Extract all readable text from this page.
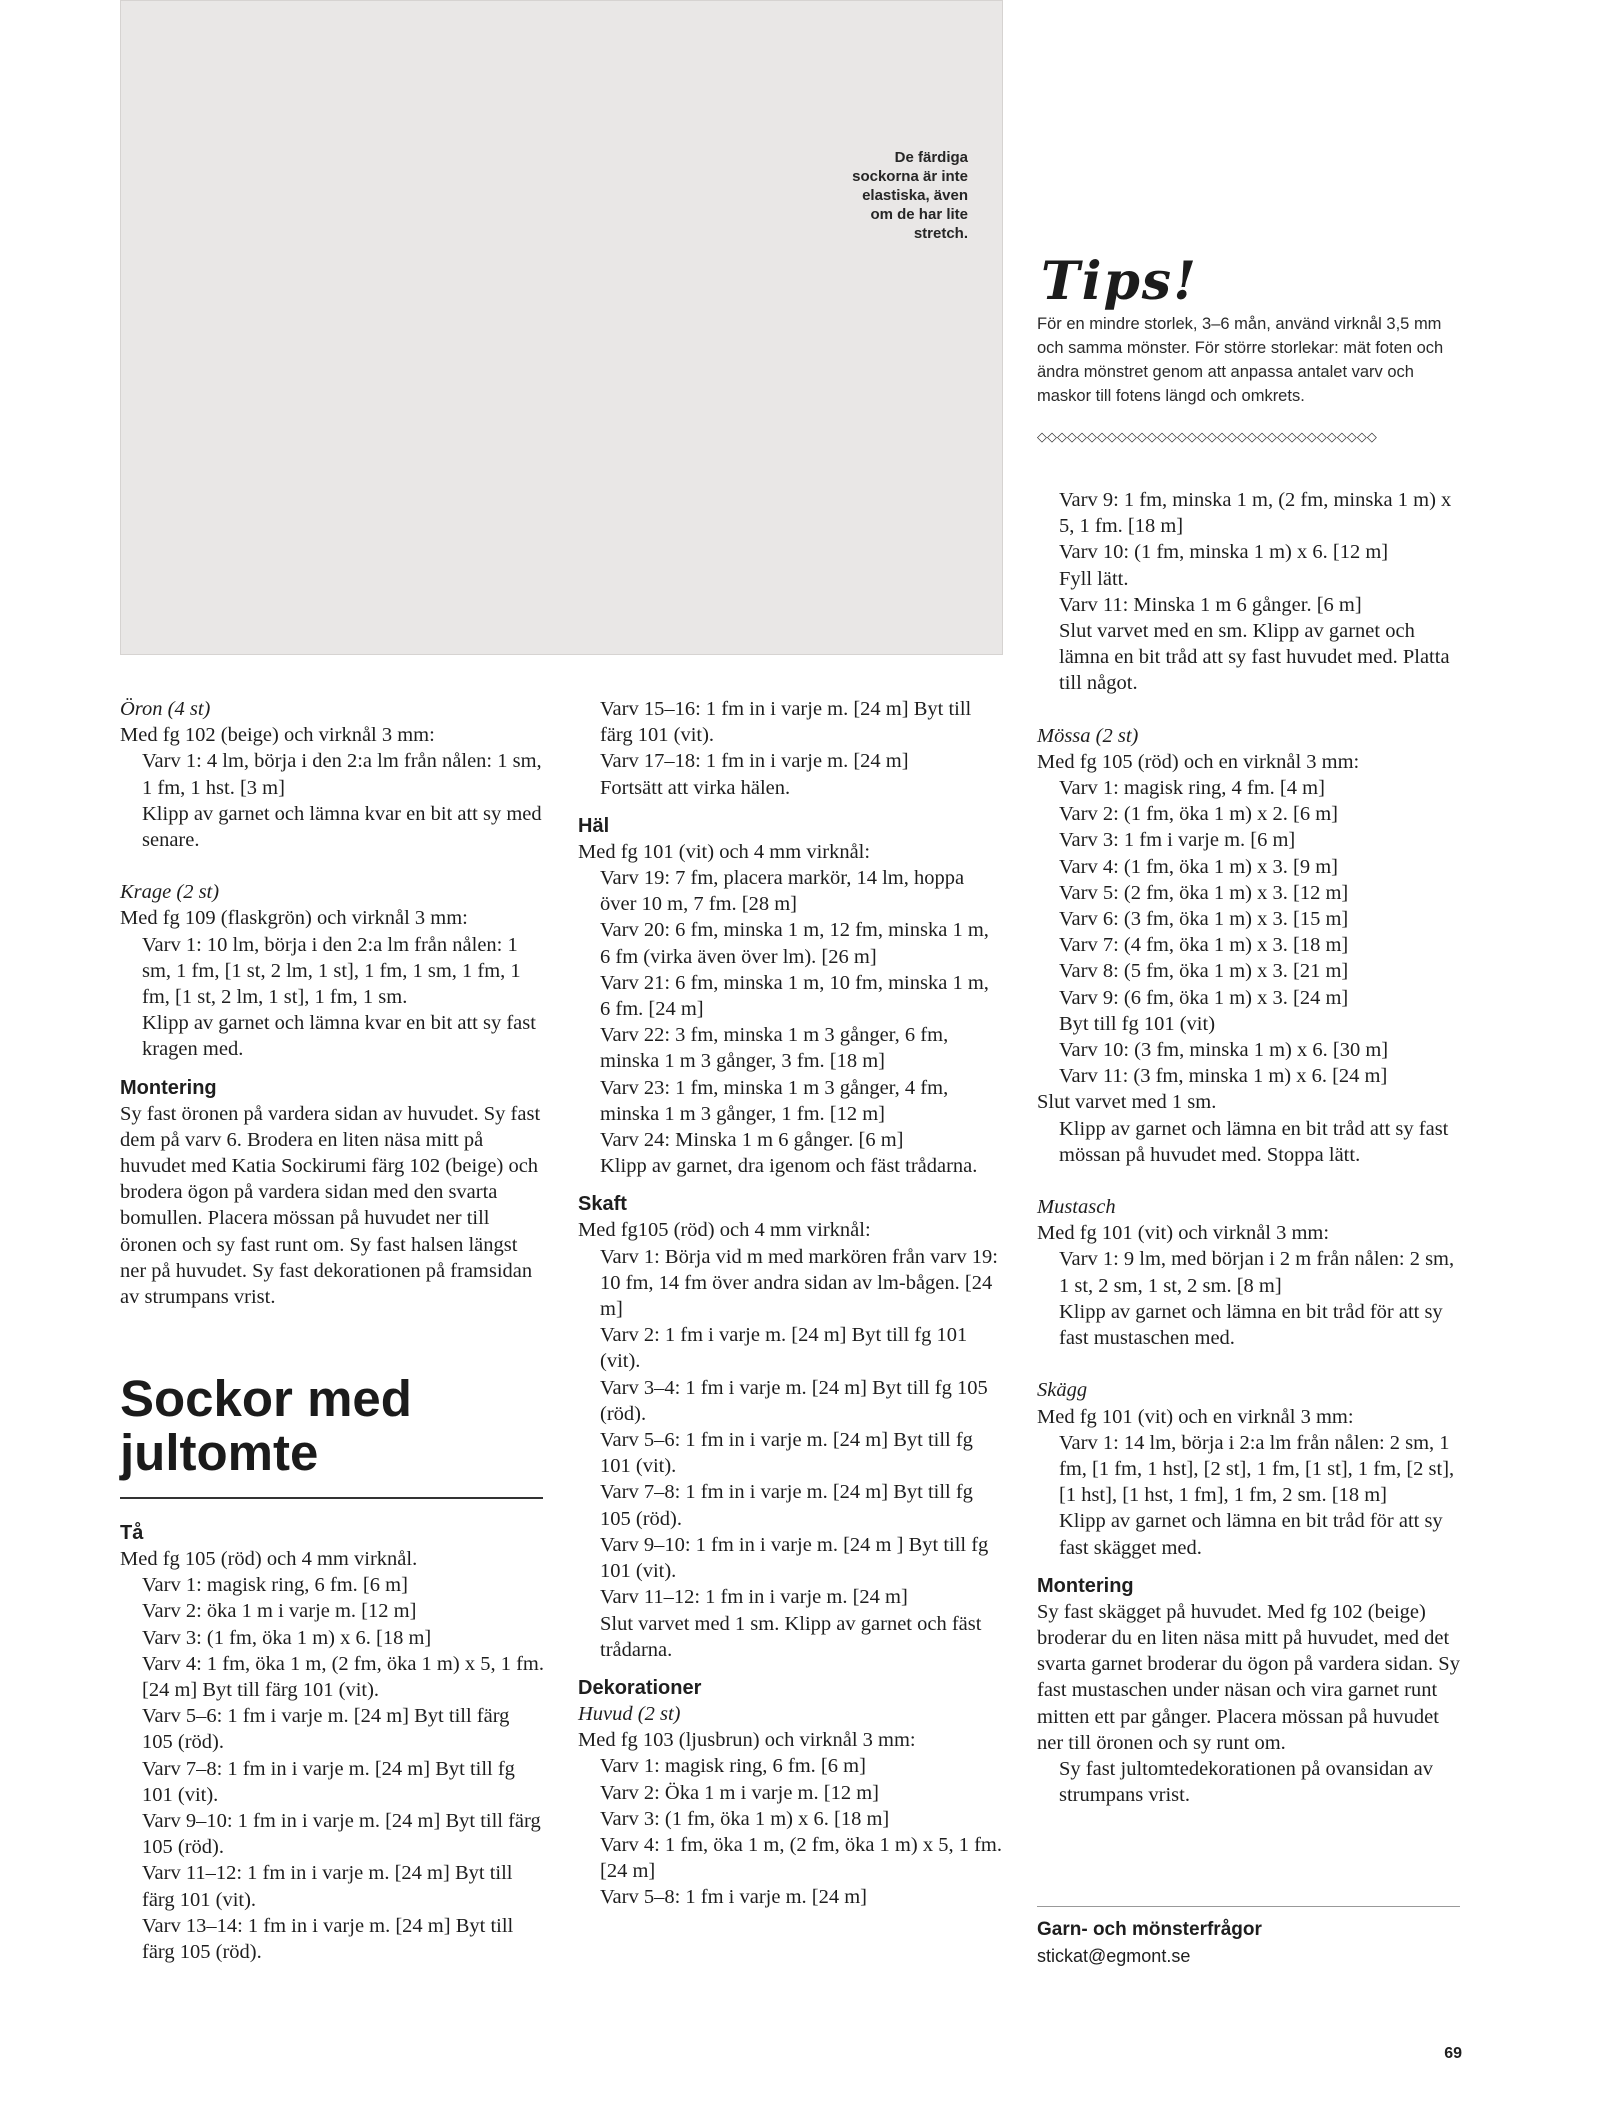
De färdiga sockorna är inte elastiska, även om de har lite stretch.
Tips!

För en mindre storlek, 3–6 mån, använd virknål 3,5 mm och samma mönster. För större storlekar: mät foten och ändra mönstret genom att anpassa antalet varv och maskor till fotens längd och omkrets.

◇◇◇◇◇◇◇◇◇◇◇◇◇◇◇◇◇◇◇◇◇◇◇◇◇◇◇◇◇◇◇◇◇◇

Öron (4 st)

Med fg 102 (beige) och virknål 3 mm:

Varv 1: 4 lm, börja i den 2:a lm från nålen: 1 sm, 1 fm, 1 hst. [3 m]

Klipp av garnet och lämna kvar en bit att sy med senare.

Krage (2 st)

Med fg 109 (flaskgrön) och virknål 3 mm:

Varv 1: 10 lm, börja i den 2:a lm från nålen: 1 sm, 1 fm, [1 st, 2 lm, 1 st], 1 fm, 1 sm, 1 fm, 1 fm, [1 st, 2 lm, 1 st], 1 fm, 1 sm.

Klipp av garnet och lämna kvar en bit att sy fast kragen med.

Montering

Sy fast öronen på vardera sidan av huvudet. Sy fast dem på varv 6. Brodera en liten näsa mitt på huvudet med Katia Sockirumi färg 102 (beige) och brodera ögon på vardera sidan med den svarta bomullen. Placera mössan på huvudet ner till öronen och sy fast runt om. Sy fast halsen längst ner på huvudet. Sy fast dekorationen på framsidan av strumpans vrist.

Sockor med jultomte

Tå

Med fg 105 (röd) och 4 mm virknål.

Varv 1: magisk ring, 6 fm. [6 m]

Varv 2: öka 1 m i varje m. [12 m]

Varv 3: (1 fm, öka 1 m) x 6. [18 m]

Varv 4: 1 fm, öka 1 m, (2 fm, öka 1 m) x 5, 1 fm. [24 m] Byt till färg 101 (vit).

Varv 5–6: 1 fm i varje m. [24 m] Byt till färg 105 (röd).

Varv 7–8: 1 fm in i varje m. [24 m] Byt till fg 101 (vit).

Varv 9–10: 1 fm in i varje m. [24 m] Byt till färg 105 (röd).

Varv 11–12: 1 fm in i varje m. [24 m] Byt till färg 101 (vit).

Varv 13–14: 1 fm in i varje m. [24 m] Byt till färg 105 (röd).

Varv 15–16: 1 fm in i varje m. [24 m] Byt till färg 101 (vit).

Varv 17–18: 1 fm in i varje m. [24 m]

Fortsätt att virka hälen.

Häl

Med fg 101 (vit) och 4 mm virknål:

Varv 19: 7 fm, placera markör, 14 lm, hoppa över 10 m, 7 fm. [28 m]

Varv 20: 6 fm, minska 1 m, 12 fm, minska 1 m, 6 fm (virka även över lm). [26 m]

Varv 21: 6 fm, minska 1 m, 10 fm, minska 1 m, 6 fm. [24 m]

Varv 22: 3 fm, minska 1 m 3 gånger, 6 fm, minska 1 m 3 gånger, 3 fm. [18 m]

Varv 23: 1 fm, minska 1 m 3 gånger, 4 fm, minska 1 m 3 gånger, 1 fm. [12 m]

Varv 24: Minska 1 m 6 gånger. [6 m]

Klipp av garnet, dra igenom och fäst trådarna.

Skaft

Med fg105 (röd) och 4 mm virknål:

Varv 1: Börja vid m med markören från varv 19: 10 fm, 14 fm över andra sidan av lm-bågen. [24 m]

Varv 2: 1 fm i varje m. [24 m] Byt till fg 101 (vit).

Varv 3–4: 1 fm i varje m. [24 m] Byt till fg 105 (röd).

Varv 5–6: 1 fm in i varje m. [24 m] Byt till fg 101 (vit).

Varv 7–8: 1 fm in i varje m. [24 m] Byt till fg 105 (röd).

Varv 9–10: 1 fm in i varje m. [24 m ] Byt till fg 101 (vit).

Varv 11–12: 1 fm in i varje m. [24 m]

Slut varvet med 1 sm. Klipp av garnet och fäst trådarna.

Dekorationer

Huvud (2 st)

Med fg 103 (ljusbrun) och virknål 3 mm:

Varv 1: magisk ring, 6 fm. [6 m]

Varv 2: Öka 1 m i varje m. [12 m]

Varv 3: (1 fm, öka 1 m) x 6. [18 m]

Varv 4: 1 fm, öka 1 m, (2 fm, öka 1 m) x 5, 1 fm. [24 m]

Varv 5–8: 1 fm i varje m. [24 m]

Varv 9: 1 fm, minska 1 m, (2 fm, minska 1 m) x 5, 1 fm. [18 m]

Varv 10: (1 fm, minska 1 m) x 6. [12 m]

Fyll lätt.

Varv 11: Minska 1 m 6 gånger. [6 m]

Slut varvet med en sm. Klipp av garnet och lämna en bit tråd att sy fast huvudet med. Platta till något.

Mössa (2 st)

Med fg 105 (röd) och en virknål 3 mm:

Varv 1: magisk ring, 4 fm. [4 m]

Varv 2: (1 fm, öka 1 m) x 2. [6 m]

Varv 3: 1 fm i varje m. [6 m]

Varv 4: (1 fm, öka 1 m) x 3. [9 m]

Varv 5: (2 fm, öka 1 m) x 3. [12 m]

Varv 6: (3 fm, öka 1 m) x 3. [15 m]

Varv 7: (4 fm, öka 1 m) x 3. [18 m]

Varv 8: (5 fm, öka 1 m) x 3. [21 m]

Varv 9: (6 fm, öka 1 m) x 3. [24 m]

Byt till fg 101 (vit)

Varv 10: (3 fm, minska 1 m) x 6. [30 m]

Varv 11: (3 fm, minska 1 m) x 6. [24 m]

Slut varvet med 1 sm.

Klipp av garnet och lämna en bit tråd att sy fast mössan på huvudet med. Stoppa lätt.

Mustasch

Med fg 101 (vit) och virknål 3 mm:

Varv 1: 9 lm, med början i 2 m från nålen: 2 sm, 1 st, 2 sm, 1 st, 2 sm. [8 m]

Klipp av garnet och lämna en bit tråd för att sy fast mustaschen med.

Skägg

Med fg 101 (vit) och en virknål 3 mm:

Varv 1: 14 lm, börja i 2:a lm från nålen: 2 sm, 1 fm, [1 fm, 1 hst], [2 st], 1 fm, [1 st], 1 fm, [2 st], [1 hst], [1 hst, 1 fm], 1 fm, 2 sm. [18 m]

Klipp av garnet och lämna en bit tråd för att sy fast skägget med.

Montering

Sy fast skägget på huvudet. Med fg 102 (beige) broderar du en liten näsa mitt på huvudet, med det svarta garnet broderar du ögon på vardera sidan. Sy fast mustaschen under näsan och vira garnet runt mitten ett par gånger. Placera mössan på huvudet ner till öronen och sy runt om.

Sy fast jultomtedekorationen på ovansidan av strumpans vrist.

Garn- och mönsterfrågor
stickat@egmont.se
69
